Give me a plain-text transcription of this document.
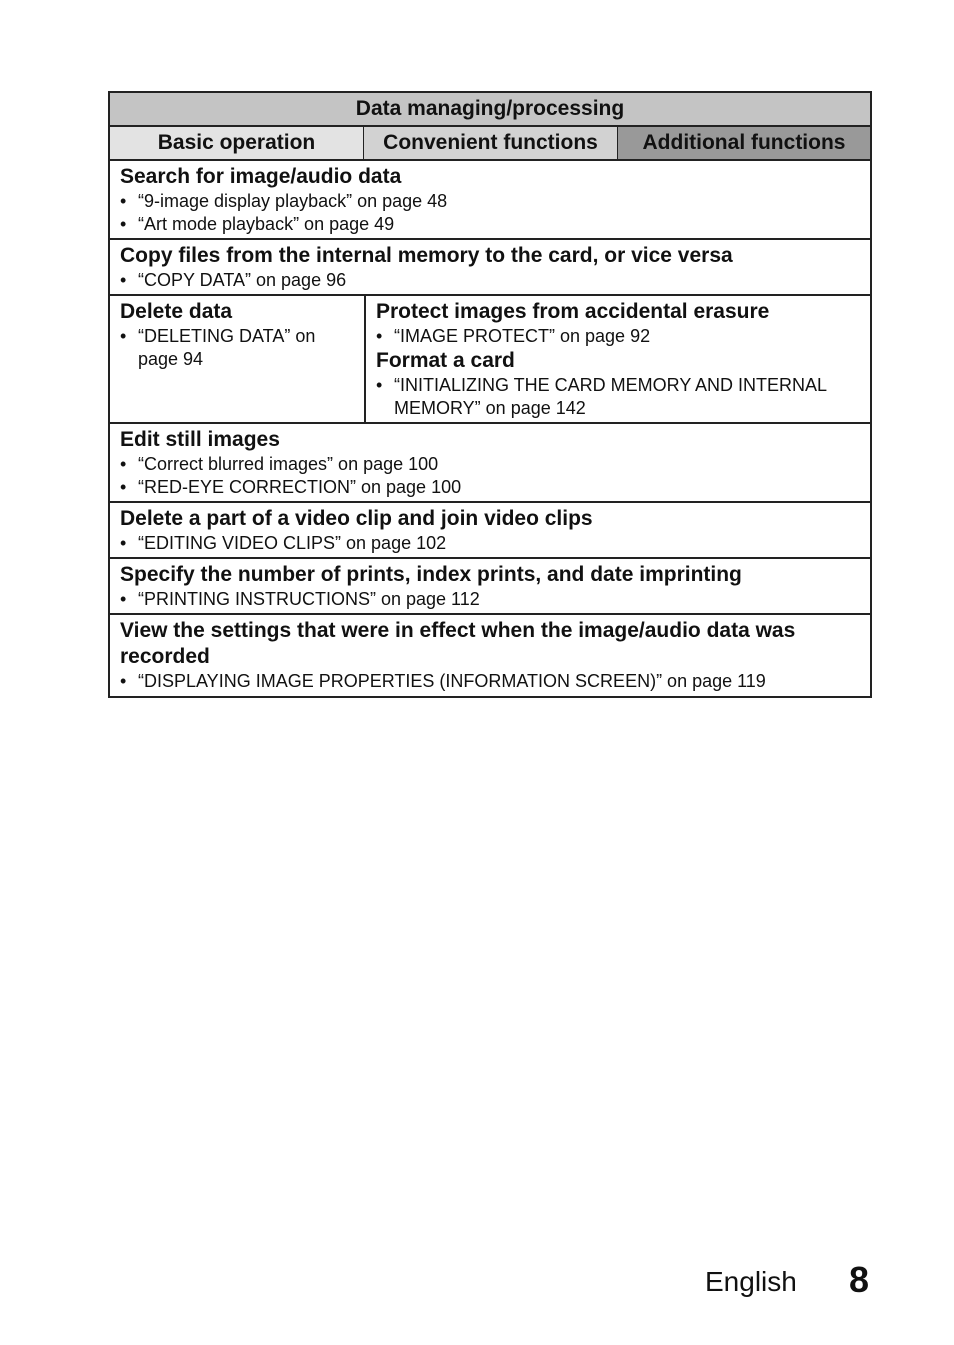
Data managing/processing
Basic operation	Convenient functions	Additional functions
Search for image/audio data
• “9-image display playback” on page 48
• “Art mode playback” on page 49
Copy files from the internal memory to the card, or vice versa
• “COPY DATA” on page 96
Delete data
• “DELETING DATA” on page 94
Protect images from accidental erasure
• “IMAGE PROTECT” on page 92
Format a card
• “INITIALIZING THE CARD MEMORY AND INTERNAL MEMORY” on page 142
Edit still images
• “Correct blurred images” on page 100
• “RED-EYE CORRECTION” on page 100
Delete a part of a video clip and join video clips
• “EDITING VIDEO CLIPS” on page 102
Specify the number of prints, index prints, and date imprinting
• “PRINTING INSTRUCTIONS” on page 112
View the settings that were in effect when the image/audio data was recorded
• “DISPLAYING IMAGE PROPERTIES (INFORMATION SCREEN)” on page 119
English 8
